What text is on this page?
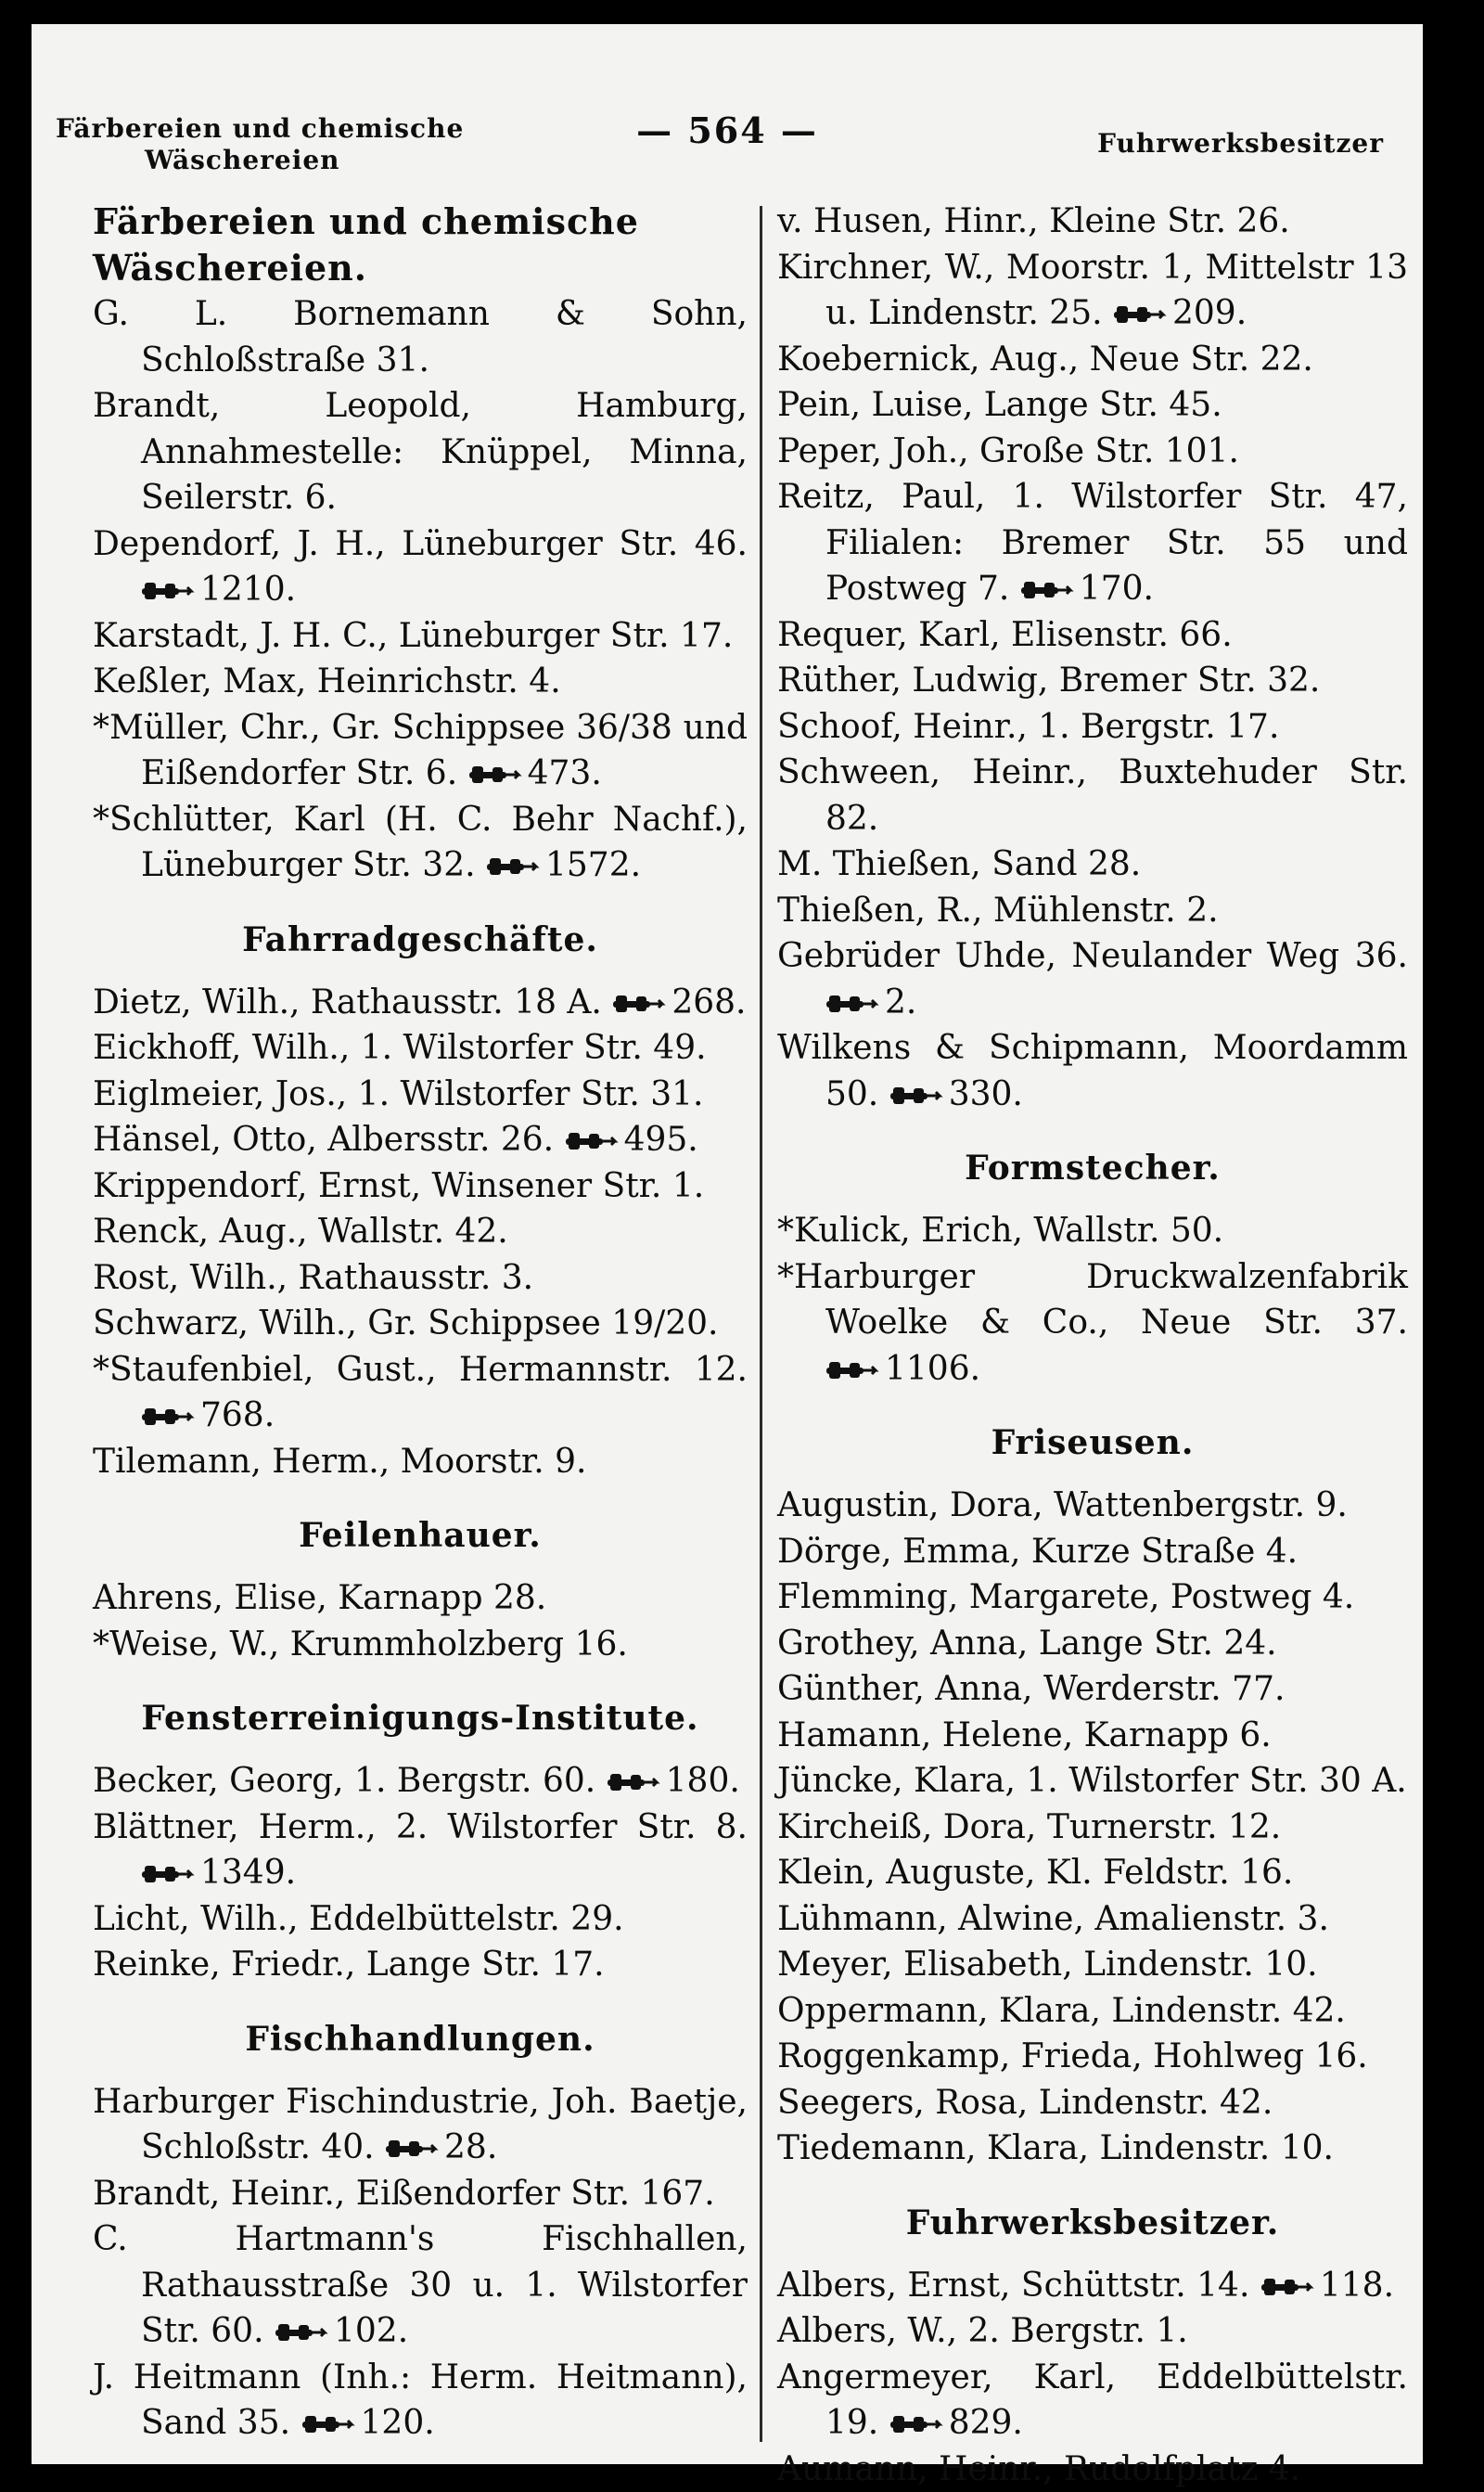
Färbereien und chemische
Wäschereien
— 564 —	Fuhrwerksbesitzer
Färbereien und chemische Wäschereien.
G. L. Bornemann & Sohn, Schloßstraße 31.
Brandt, Leopold, Hamburg, Annahmestelle: Knüppel, Minna, Seilerstr. 6.
Dependorf, J. H., Lüneburger Str. 46.
1210.
Karstadt, J. H. C., Lüneburger Str. 17.
Keßler, Max, Heinrichstr. 4.
*Müller, Chr., Gr. Schippsee 36/38 und Eißendorfer Str. 6. 473.
*Schlütter, Karl (H. C. Behr Nachf.), Lüneburger Str. 32. 1572.
Fahrradgeschäfte.
Dietz, Wilh., Rathausstr. 18 A. 268.
Eickhoff, Wilh., 1. Wilstorfer Str. 49.
Eiglmeier, Jos., 1. Wilstorfer Str. 31.
Hänsel, Otto, Albersstr. 26. 495.
Krippendorf, Ernst, Winsener Str. 1.
Renck, Aug., Wallstr. 42.
Rost, Wilh., Rathausstr. 3.
Schwarz, Wilh., Gr. Schippsee 19/20.
*Staufenbiel, Gust., Hermannstr. 12.
768.
Tilemann, Herm., Moorstr. 9.
Feilenhauer.
Ahrens, Elise, Karnapp 28.
*Weise, W., Krummholzberg 16.
Fensterreinigungs-Institute.
Becker, Georg, 1. Bergstr. 60. 180.
Blättner, Herm., 2. Wilstorfer Str. 8.
1349.
Licht, Wilh., Eddelbüttelstr. 29.
Reinke, Friedr., Lange Str. 17.
Fischhandlungen.
Harburger Fischindustrie, Joh. Baetje, Schloßstr. 40. 28.
Brandt, Heinr., Eißendorfer Str. 167.
C. Hartmann's Fischhallen, Rathausstraße 30 u. 1. Wilstorfer Str. 60. 102.
J. Heitmann (Inh.: Herm. Heitmann), Sand 35. 120.
v. Husen, Hinr., Kleine Str. 26.
Kirchner, W., Moorstr. 1, Mittelstr 13 u. Lindenstr. 25. 209.
Koebernick, Aug., Neue Str. 22.
Pein, Luise, Lange Str. 45.
Peper, Joh., Große Str. 101.
Reitz, Paul, 1. Wilstorfer Str. 47, Filialen: Bremer Str. 55 und Postweg 7. 170.
Requer, Karl, Elisenstr. 66.
Rüther, Ludwig, Bremer Str. 32.
Schoof, Heinr., 1. Bergstr. 17.
Schween, Heinr., Buxtehuder Str. 82.
M. Thießen, Sand 28.
Thießen, R., Mühlenstr. 2.
Gebrüder Uhde, Neulander Weg 36.
2.
Wilkens & Schipmann, Moordamm 50. 330.
Formstecher.
*Kulick, Erich, Wallstr. 50.
*Harburger Druckwalzenfabrik Woelke & Co., Neue Str. 37.
1106.
Friseusen.
Augustin, Dora, Wattenbergstr. 9.
Dörge, Emma, Kurze Straße 4.
Flemming, Margarete, Postweg 4.
Grothey, Anna, Lange Str. 24.
Günther, Anna, Werderstr. 77.
Hamann, Helene, Karnapp 6.
Jüncke, Klara, 1. Wilstorfer Str. 30 A.
Kircheiß, Dora, Turnerstr. 12.
Klein, Auguste, Kl. Feldstr. 16.
Lühmann, Alwine, Amalienstr. 3.
Meyer, Elisabeth, Lindenstr. 10.
Oppermann, Klara, Lindenstr. 42.
Roggenkamp, Frieda, Hohlweg 16.
Seegers, Rosa, Lindenstr. 42.
Tiedemann, Klara, Lindenstr. 10.
Fuhrwerksbesitzer.
Albers, Ernst, Schüttstr. 14. 118.
Albers, W., 2. Bergstr. 1.
Angermeyer, Karl, Eddelbüttelstr. 19. 829.
Aumann, Heinr., Rudolfplatz 4.
